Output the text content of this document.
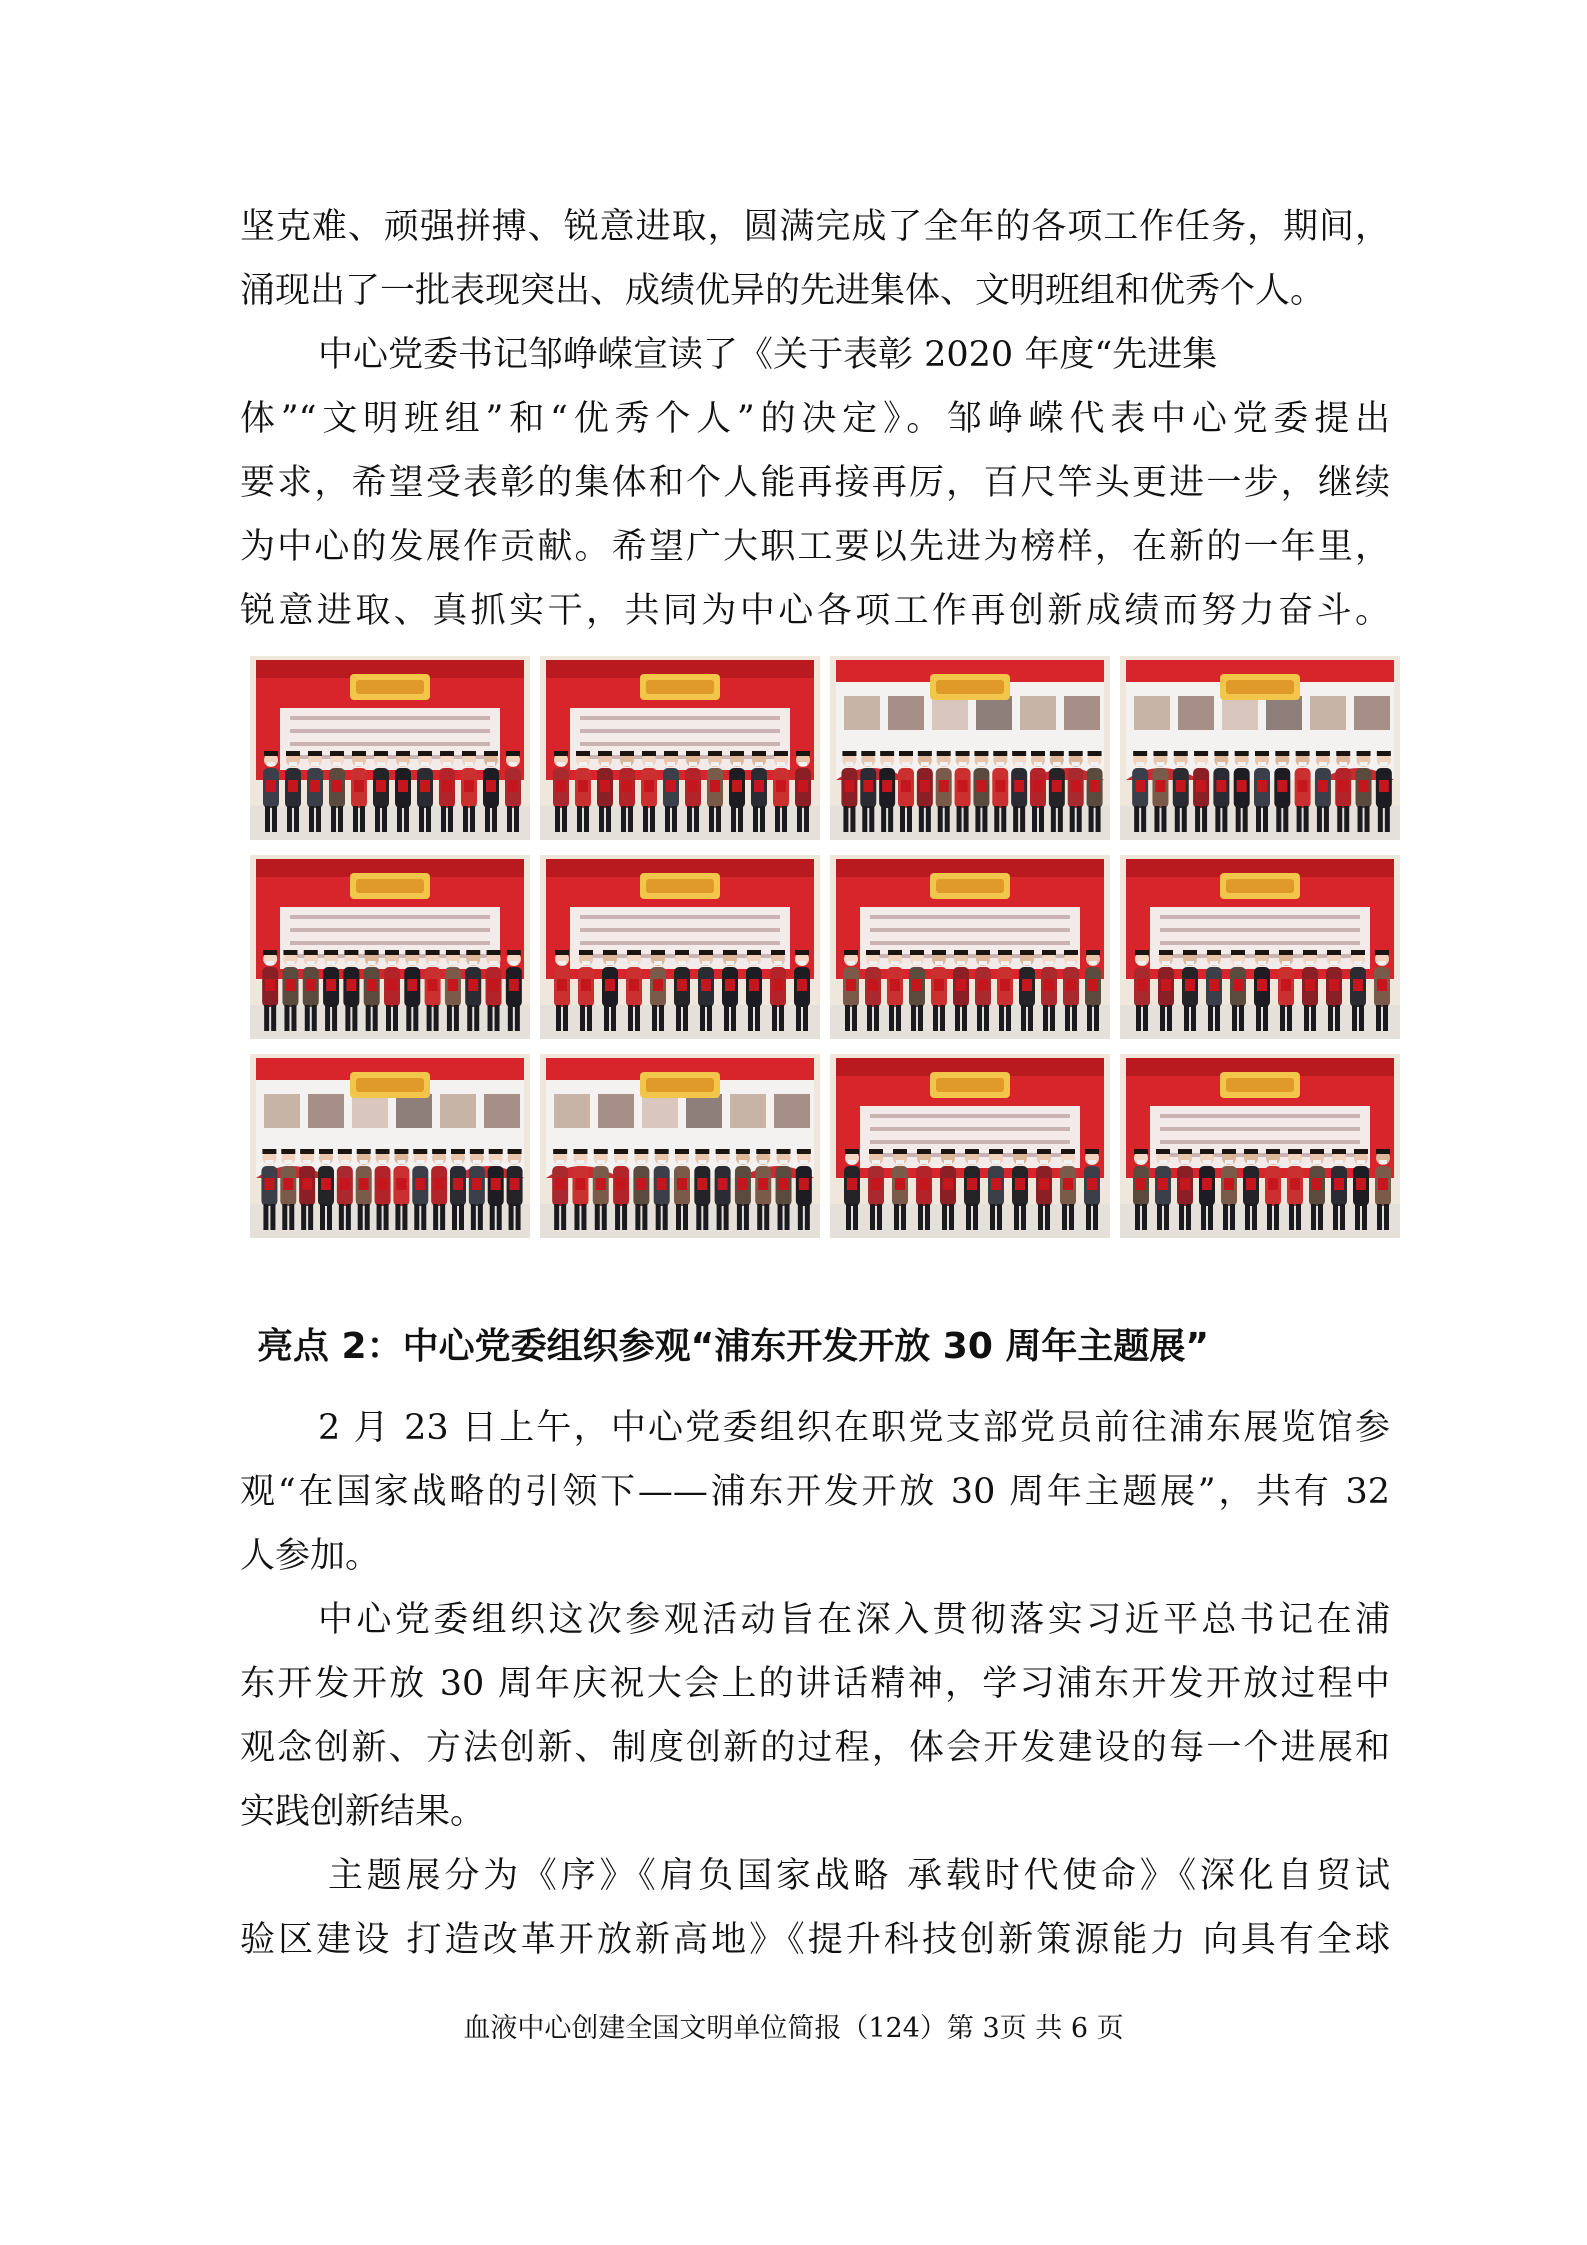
坚克难、顽强拼搏、锐意进取，圆满完成了全年的各项工作任务，期间，
涌现出了一批表现突出、成绩优异的先进集体、文明班组和优秀个人。
中心党委书记邹峥嵘宣读了《关于表彰 2020 年度“先进集
体”“文明班组”和“优秀个人”的决定》。邹峥嵘代表中心党委提出
要求，希望受表彰的集体和个人能再接再厉，百尺竿头更进一步，继续
为中心的发展作贡献。希望广大职工要以先进为榜样，在新的一年里，
锐意进取、真抓实干，共同为中心各项工作再创新成绩而努力奋斗。
亮点 2：中心党委组织参观“浦东开发开放 30 周年主题展”
2 月 23 日上午，中心党委组织在职党支部党员前往浦东展览馆参
观“在国家战略的引领下——浦东开发开放 30 周年主题展”，共有 32
人参加。
中心党委组织这次参观活动旨在深入贯彻落实习近平总书记在浦
东开发开放 30 周年庆祝大会上的讲话精神，学习浦东开发开放过程中
观念创新、方法创新、制度创新的过程，体会开发建设的每一个进展和
实践创新结果。
主题展分为《序》《肩负国家战略 承载时代使命》《深化自贸试
验区建设 打造改革开放新高地》《提升科技创新策源能力 向具有全球
血液中心创建全国文明单位简报（124）第 3页 共 6 页
